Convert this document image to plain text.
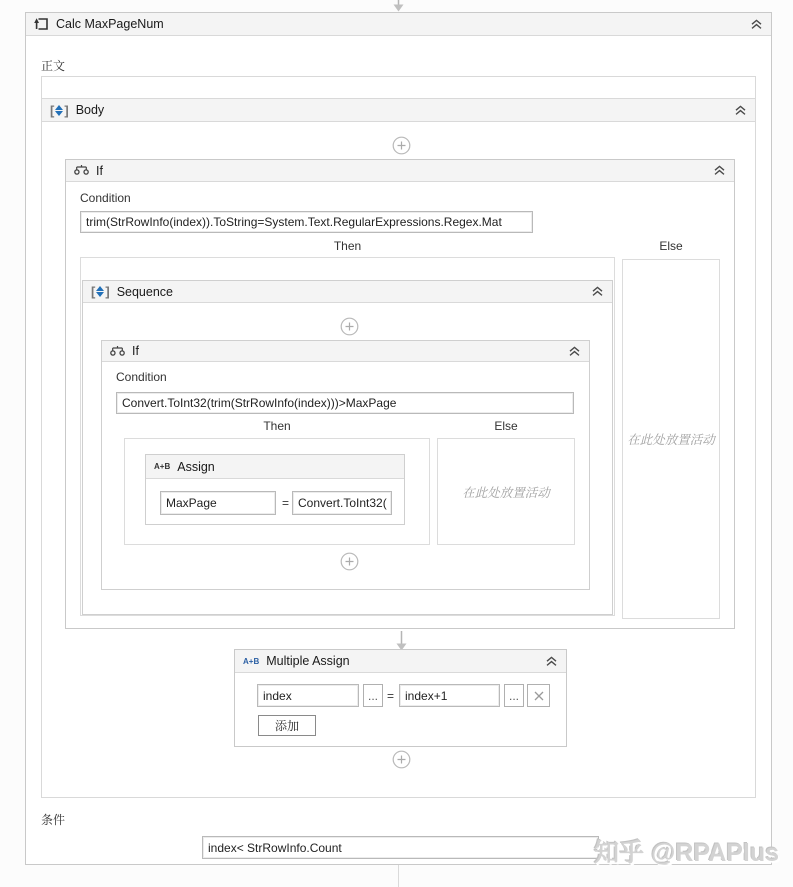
Calc MaxPageNum
正文
[ ] Body
If
Condition
trim(StrRowInfo(index)).ToString=System.Text.RegularExpressions.Regex.Mat
Then	Else
[ ] Sequence
If
Condition
Convert.ToInt32(trim(StrRowInfo(index)))>MaxPage
Then	Else
A+B Assign
MaxPage	= Convert.ToInt32(
在此处放置活动
在此处放置活动
A+B Multiple Assign
index	... = index+1	...
添加
条件
index< StrRowInfo.Count	知乎 @RPAPlus
